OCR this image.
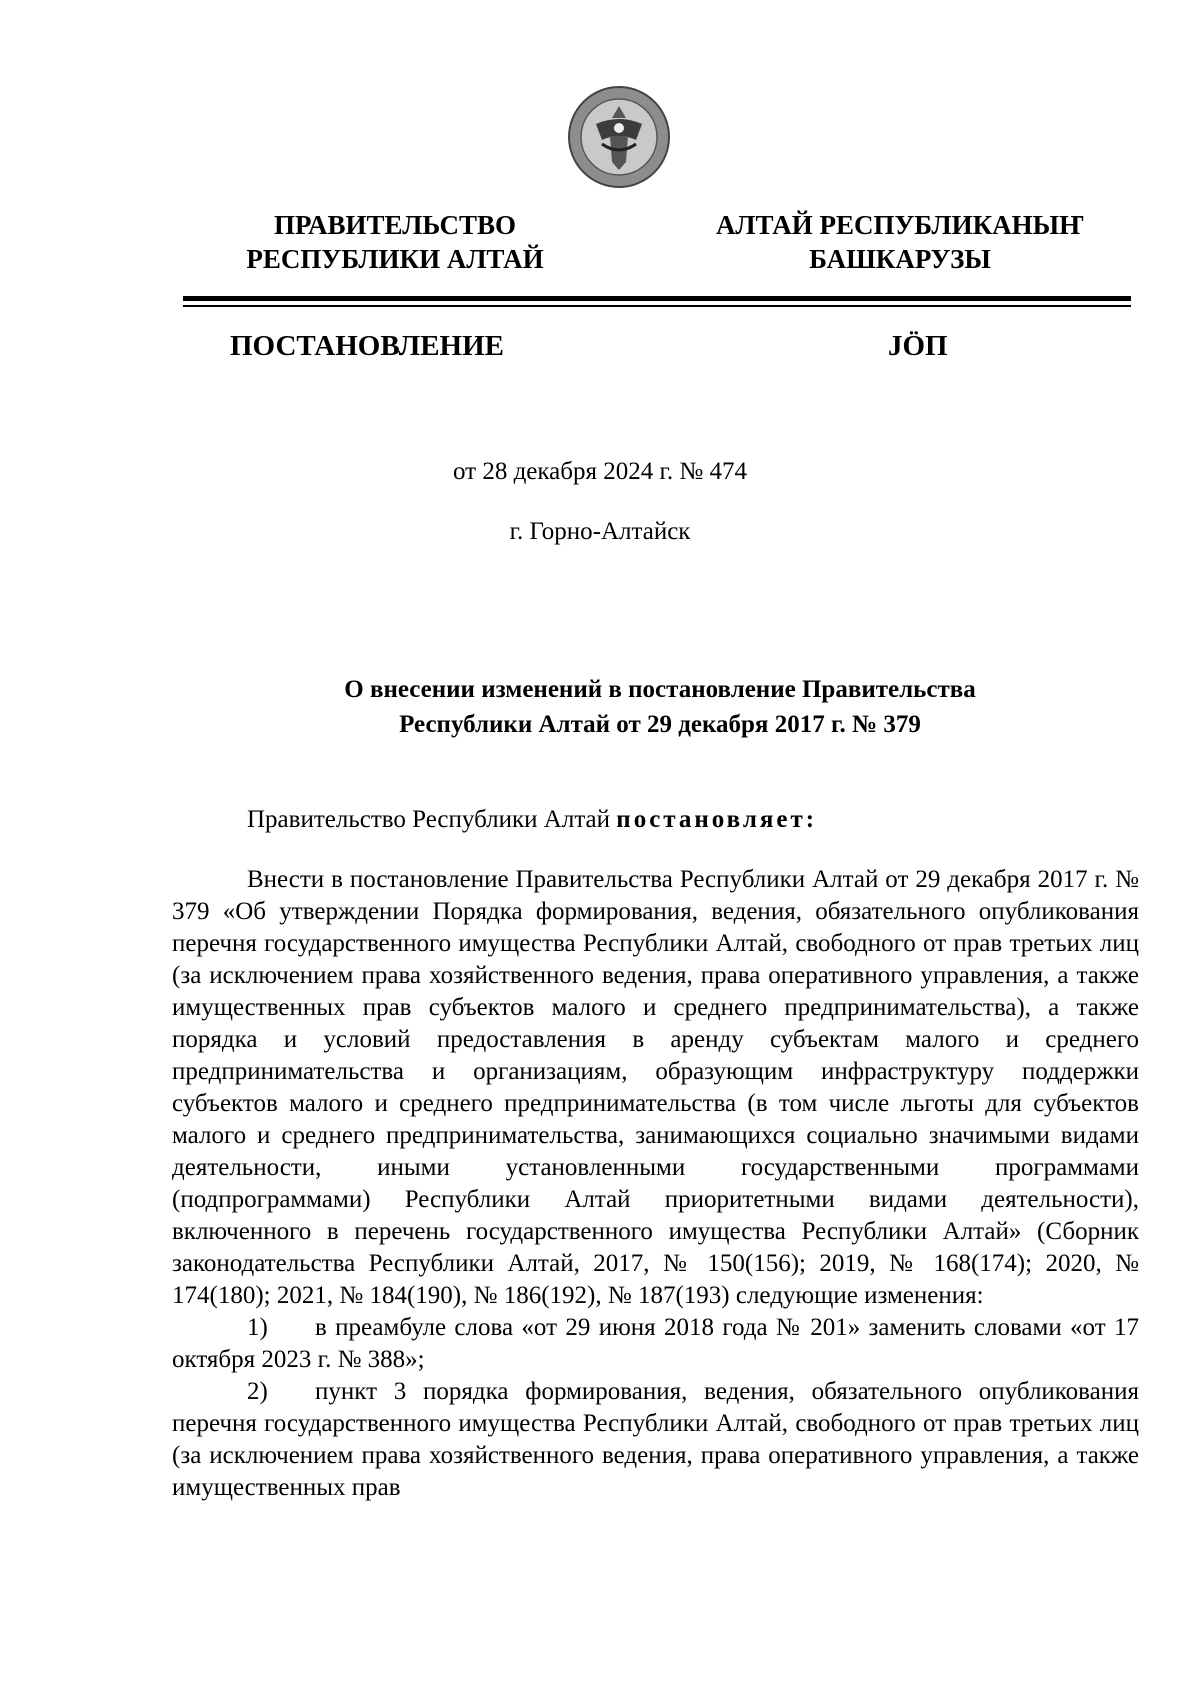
ПРАВИТЕЛЬСТВО
РЕСПУБЛИКИ АЛТАЙ
АЛТАЙ РЕСПУБЛИКАНЫҤ
БАШКАРУЗЫ
ПОСТАНОВЛЕНИЕ	JÖП
от 28 декабря 2024 г. № 474
г. Горно-Алтайск
О внесении изменений в постановление Правительства
Республики Алтай от 29 декабря 2017 г. № 379

Правительство Республики Алтай постановляет:

Внести в постановление Правительства Республики Алтай от 29 декабря 2017 г. № 379 «Об утверждении Порядка формирования, ведения, обязательного опубликования перечня государственного имущества Республики Алтай, свободного от прав третьих лиц (за исключением права хозяйственного ведения, права оперативного управления, а также имущественных прав субъектов малого и среднего предпринимательства), а также порядка и условий предоставления в аренду субъектам малого и среднего предпринимательства и организациям, образующим инфраструктуру поддержки субъектов малого и среднего предпринимательства (в том числе льготы для субъектов малого и среднего предпринимательства, занимающихся социально значимыми видами деятельности, иными установленными государственными программами (подпрограммами) Республики Алтай приоритетными видами деятельности), включенного в перечень государственного имущества Республики Алтай» (Сборник законодательства Республики Алтай, 2017, № 150(156); 2019, № 168(174); 2020, № 174(180); 2021, № 184(190), № 186(192), № 187(193) следующие изменения:

1) в преамбуле слова «от 29 июня 2018 года № 201» заменить словами «от 17 октября 2023 г. № 388»;

2) пункт 3 порядка формирования, ведения, обязательного опубликования перечня государственного имущества Республики Алтай, свободного от прав третьих лиц (за исключением права хозяйственного ведения, права оперативного управления, а также имущественных прав
